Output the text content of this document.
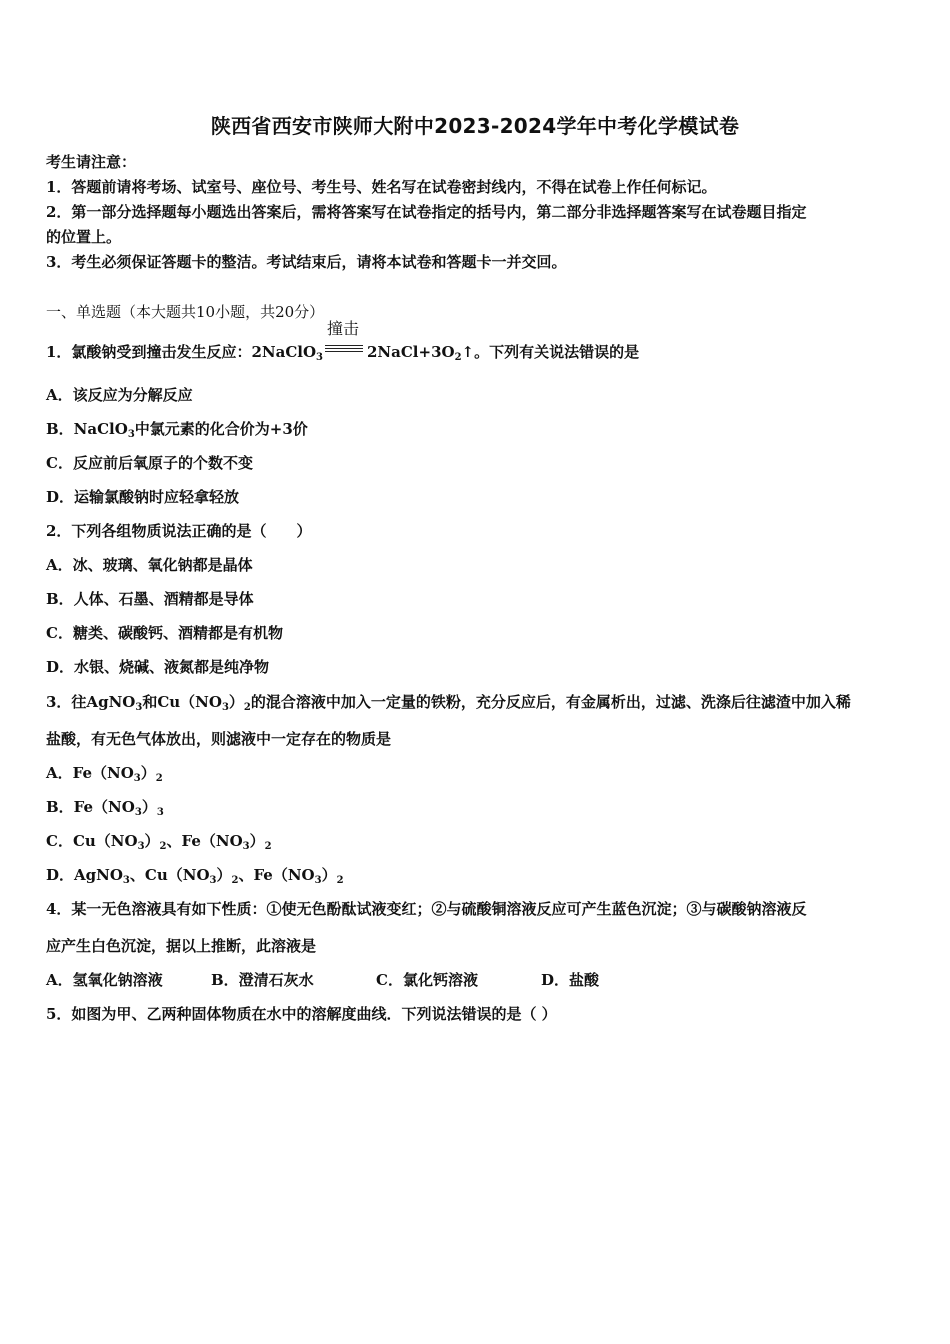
陕西省西安市陕师大附中2023-2024学年中考化学模试卷
考生请注意：
1．答题前请将考场、试室号、座位号、考生号、姓名写在试卷密封线内，不得在试卷上作任何标记。
2．第一部分选择题每小题选出答案后，需将答案写在试卷指定的括号内，第二部分非选择题答案写在试卷题目指定
的位置上。
3．考生必须保证答题卡的整洁。考试结束后，请将本试卷和答题卡一并交回。
一、单选题（本大题共10小题，共20分）
1．氯酸钠受到撞击发生反应：2NaClO$_3$
撞击
$2NaCl+3O_2↑$。下列有关说法错误的是
A．该反应为分解反应
B．NaClO$_3$中氯元素的化合价为+3价
C．反应前后氧原子的个数不变
D．运输氯酸钠时应轻拿轻放
2．下列各组物质说法正确的是（　　）
A．冰、玻璃、氧化钠都是晶体
B．人体、石墨、酒精都是导体
C．糖类、碳酸钙、酒精都是有机物
D．水银、烧碱、液氮都是纯净物
3．往AgNO$_3$和$Cu(NO_3)_2$的混合溶液中加入一定量的铁粉，充分反应后，有金属析出，过滤、洗涤后往滤渣中加入稀
盐酸，有无色气体放出，则滤液中一定存在的物质是
A．$Fe(NO_3)_2$
B．$Fe(NO_3)_3$
C．$Cu(NO_3)_2$、$Fe(NO_3)_2$
D．AgNO$_3$、$Cu(NO_3)_2$、$Fe(NO_3)_2$
4．某一无色溶液具有如下性质：①使无色酚酞试液变红；②与硫酸铜溶液反应可产生蓝色沉淀；③与碳酸钠溶液反
应产生白色沉淀，据以上推断，此溶液是
A．氢氧化钠溶液	B．澄清石灰水	C．氯化钙溶液	D．盐酸
5．如图为甲、乙两种固体物质在水中的溶解度曲线．下列说法错误的是（ ）
